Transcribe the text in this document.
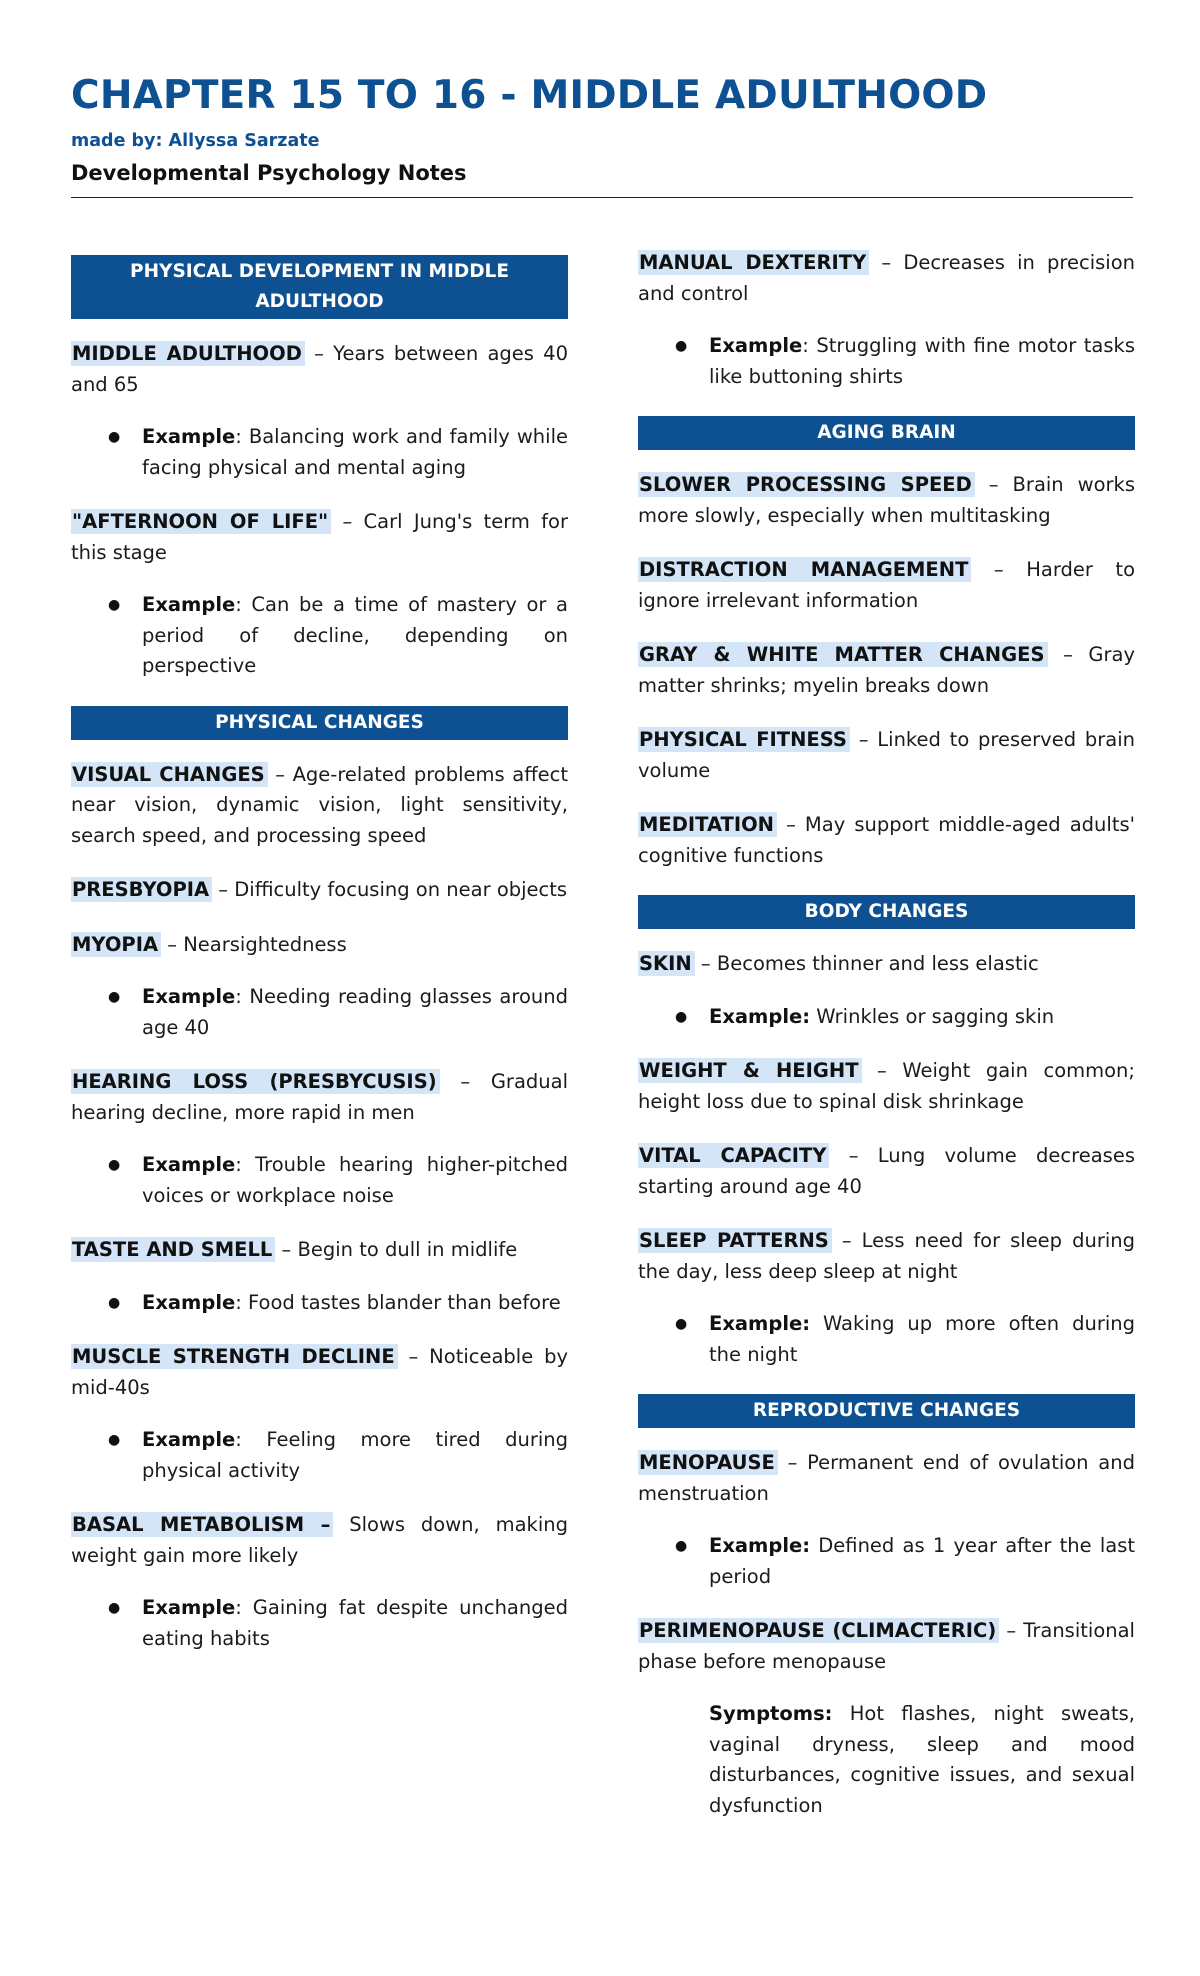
CHAPTER 15 TO 16 - MIDDLE ADULTHOOD
made by: Allyssa Sarzate
Developmental Psychology Notes
PHYSICAL DEVELOPMENT IN MIDDLE ADULTHOOD

MIDDLE ADULTHOOD – Years between ages 40 and 65

● Example: Balancing work and family while facing physical and mental aging

"AFTERNOON OF LIFE" – Carl Jung's term for this stage

● Example: Can be a time of mastery or a period of decline, depending on perspective

PHYSICAL CHANGES

VISUAL CHANGES – Age-related problems affect near vision, dynamic vision, light sensitivity, search speed, and processing speed

PRESBYOPIA – Difficulty focusing on near objects

MYOPIA – Nearsightedness

● Example: Needing reading glasses around age 40

HEARING LOSS (PRESBYCUSIS) – Gradual hearing decline, more rapid in men

● Example: Trouble hearing higher-pitched voices or workplace noise

TASTE AND SMELL – Begin to dull in midlife

● Example: Food tastes blander than before

MUSCLE STRENGTH DECLINE – Noticeable by mid-40s

● Example: Feeling more tired during physical activity

BASAL METABOLISM – Slows down, making weight gain more likely

● Example: Gaining fat despite unchanged eating habits

MANUAL DEXTERITY – Decreases in precision and control

● Example: Struggling with fine motor tasks like buttoning shirts

AGING BRAIN

SLOWER PROCESSING SPEED – Brain works more slowly, especially when multitasking

DISTRACTION MANAGEMENT – Harder to ignore irrelevant information

GRAY & WHITE MATTER CHANGES – Gray matter shrinks; myelin breaks down

PHYSICAL FITNESS – Linked to preserved brain volume

MEDITATION – May support middle-aged adults' cognitive functions

BODY CHANGES

SKIN – Becomes thinner and less elastic

● Example: Wrinkles or sagging skin

WEIGHT & HEIGHT – Weight gain common; height loss due to spinal disk shrinkage

VITAL CAPACITY – Lung volume decreases starting around age 40

SLEEP PATTERNS – Less need for sleep during the day, less deep sleep at night

● Example: Waking up more often during the night

REPRODUCTIVE CHANGES

MENOPAUSE – Permanent end of ovulation and menstruation

● Example: Defined as 1 year after the last period

PERIMENOPAUSE (CLIMACTERIC) – Transitional phase before menopause

Symptoms: Hot flashes, night sweats, vaginal dryness, sleep and mood disturbances, cognitive issues, and sexual dysfunction
